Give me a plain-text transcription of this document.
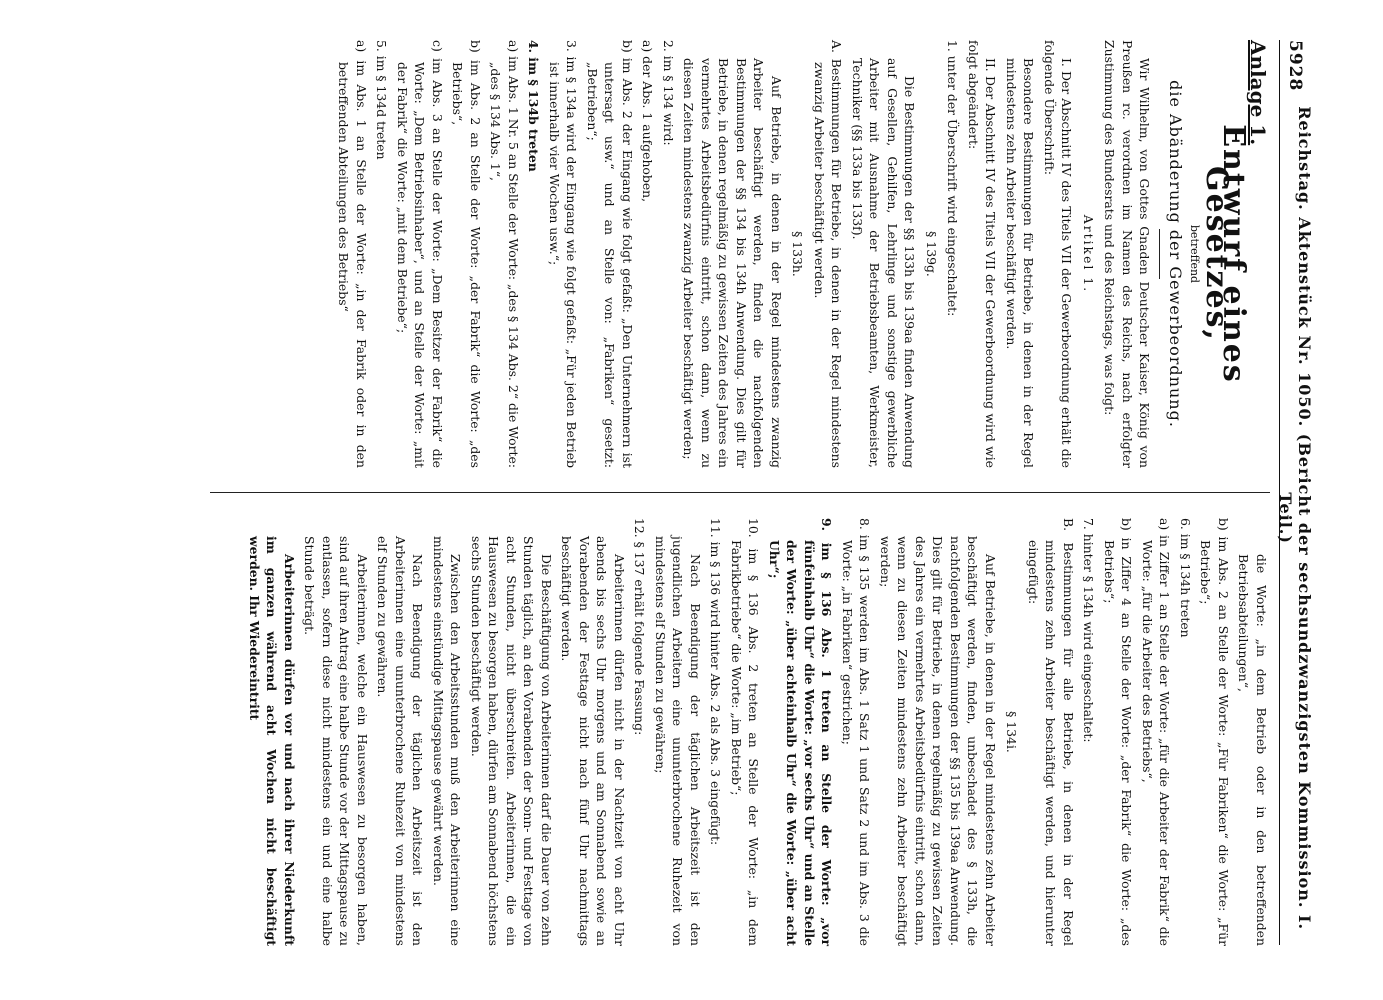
5928
Reichstag. Aktenstück Nr. 1050. (Bericht der sechsundzwanzigsten Kommission. I. Teil.)
Anlage 1.
Entwurf eines Gesetzes,
betreffend
die Abänderung der Gewerbeordnung.

Wir Wilhelm, von Gottes Gnaden Deutscher Kaiser, König von Preußen rc. verordnen im Namen des Reichs, nach erfolgter Zustimmung des Bundesrats und des Reichstags, was folgt:

Artikel 1.

I. Der Abschnitt IV des Titels VII der Gewerbeordnung erhält die folgende Überschrift:

Besondere Bestimmungen für Betriebe, in denen in der Regel mindestens zehn Arbeiter beschäftigt werden.

II. Der Abschnitt IV des Titels VII der Gewerbeordnung wird wie folgt abgeändert:

1. unter der Überschrift wird eingeschaltet:

§ 139g.

Die Bestimmungen der §§ 133h bis 139aa finden Anwendung auf Gesellen, Gehilfen, Lehrlinge und sonstige gewerbliche Arbeiter mit Ausnahme der Betriebsbeamten, Werkmeister, Techniker (§§ 133a bis 133f).

A. Bestimmungen für Betriebe, in denen in der Regel mindestens zwanzig Arbeiter beschäftigt werden.

§ 133h.

Auf Betriebe, in denen in der Regel mindestens zwanzig Arbeiter beschäftigt werden, finden die nachfolgenden Bestimmungen der §§ 134 bis 134h Anwendung. Dies gilt für Betriebe, in denen regelmäßig zu gewissen Zeiten des Jahres ein vermehrtes Arbeitsbedürfnis eintritt, schon dann, wenn zu diesen Zeiten mindestens zwanzig Arbeiter beschäftigt werden;

2. im § 134 wird:

a) der Abs. 1 aufgehoben,

b) im Abs. 2 der Eingang wie folgt gefaßt: „Den Unternehmern ist untersagt usw.“ und an Stelle von: „Fabriken“ gesetzt: „Betrieben“;

3. im § 134a wird der Eingang wie folgt gefaßt: „Für jeden Betrieb ist innerhalb vier Wochen usw.“;

4. im § 134b treten

a) im Abs. 1 Nr. 5 an Stelle der Worte: „des § 134 Abs. 2“ die Worte: „des § 134 Abs. 1“,

b) im Abs. 2 an Stelle der Worte: „der Fabrik“ die Worte: „des Betriebs“,

c) im Abs. 3 an Stelle der Worte: „Dem Besitzer der Fabrik“ die Worte: „Dem Betriebsinhaber“, und an Stelle der Worte: „mit der Fabrik“ die Worte: „mit dem Betriebe“;

5. im § 134d treten

a) im Abs. 1 an Stelle der Worte: „in der Fabrik oder in den betreffenden Abteilungen des Betriebs“

die Worte: „in dem Betrieb oder in den betreffenden Betriebsabteilungen“,

b) im Abs. 2 an Stelle der Worte: „Für Fabriken“ die Worte: „Für Betriebe“;

6. im § 134h treten

a) in Ziffer 1 an Stelle der Worte: „für die Arbeiter der Fabrik“ die Worte: „für die Arbeiter des Betriebs“,

b) in Ziffer 4 an Stelle der Worte: „der Fabrik“ die Worte: „des Betriebs“;

7. hinter § 134h wird eingeschaltet:

B. Bestimmungen für alle Betriebe, in denen in der Regel mindestens zehn Arbeiter beschäftigt werden, und hierunter eingefügt:

§ 134i.

Auf Betriebe, in denen in der Regel mindestens zehn Arbeiter beschäftigt werden, finden, unbeschadet des § 133h, die nachfolgenden Bestimmungen der §§ 135 bis 139aa Anwendung. Dies gilt für Betriebe, in denen regelmäßig zu gewissen Zeiten des Jahres ein vermehrtes Arbeitsbedürfnis eintritt, schon dann, wenn zu diesen Zeiten mindestens zehn Arbeiter beschäftigt werden;

8. im § 135 werden im Abs. 1 Satz 1 und Satz 2 und im Abs. 3 die Worte: „in Fabriken“ gestrichen;

9. im § 136 Abs. 1 treten an Stelle der Worte: „vor fünfeinhalb Uhr“ die Worte: „vor sechs Uhr“ und an Stelle der Worte: „über achteinhalb Uhr“ die Worte: „über acht Uhr“;

10. im § 136 Abs. 2 treten an Stelle der Worte: „in dem Fabrikbetriebe“ die Worte: „im Betrieb“;

11. im § 136 wird hinter Abs. 2 als Abs. 3 eingefügt:

Nach Beendigung der täglichen Arbeitszeit ist den jugendlichen Arbeitern eine ununterbrochene Ruhezeit von mindestens elf Stunden zu gewähren;

12. § 137 erhält folgende Fassung:

Arbeiterinnen dürfen nicht in der Nachtzeit von acht Uhr abends bis sechs Uhr morgens und am Sonnabend sowie an Vorabenden der Festtage nicht nach fünf Uhr nachmittags beschäftigt werden.

Die Beschäftigung von Arbeiterinnen darf die Dauer von zehn Stunden täglich, an den Vorabenden der Sonn- und Festtage von acht Stunden, nicht überschreiten. Arbeiterinnen, die ein Hauswesen zu besorgen haben, dürfen am Sonnabend höchstens sechs Stunden beschäftigt werden.

Zwischen den Arbeitsstunden muß den Arbeiterinnen eine mindestens einstündige Mittagspause gewährt werden.

Nach Beendigung der täglichen Arbeitszeit ist den Arbeiterinnen eine ununterbrochene Ruhezeit von mindestens elf Stunden zu gewähren.

Arbeiterinnen, welche ein Hauswesen zu besorgen haben, sind auf ihren Antrag eine halbe Stunde vor der Mittagspause zu entlassen, sofern diese nicht mindestens ein und eine halbe Stunde beträgt.

Arbeiterinnen dürfen vor und nach ihrer Niederkunft im ganzen während acht Wochen nicht beschäftigt werden. Ihr Wiedereintritt
